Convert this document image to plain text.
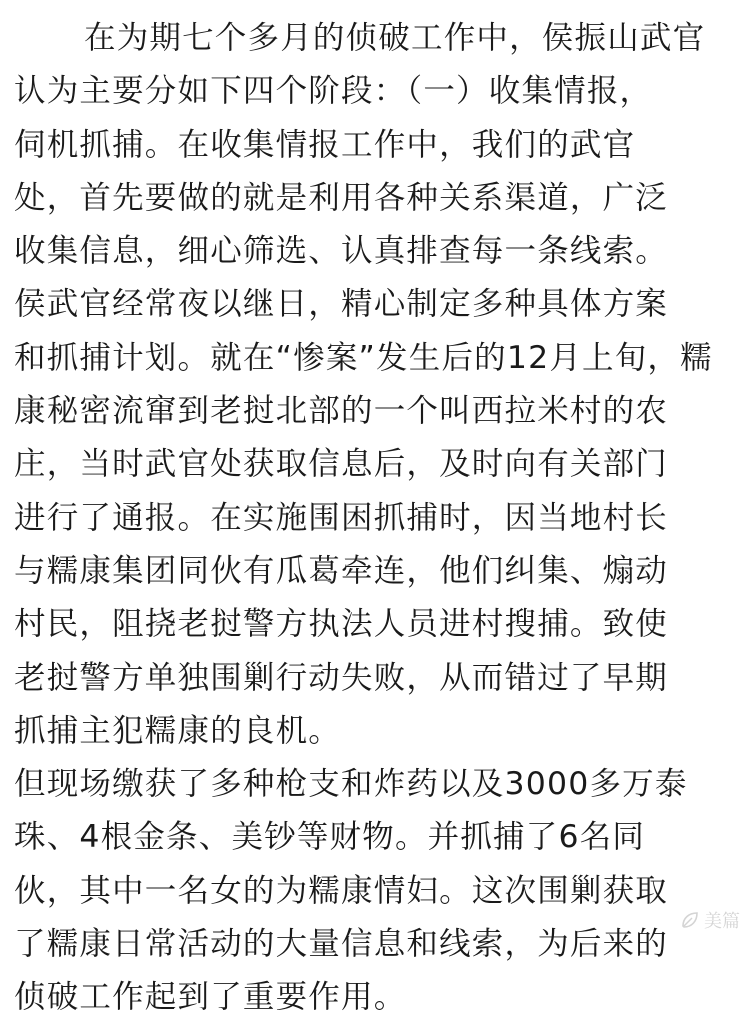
在为期七个多月的侦破工作中，侯振山武官
认为主要分如下四个阶段：（一）收集情报，
伺机抓捕。在收集情报工作中，我们的武官
处，首先要做的就是利用各种关系渠道，广泛
收集信息，细心筛选、认真排查每一条线索。
侯武官经常夜以继日，精心制定多种具体方案
和抓捕计划。就在“惨案”发生后的12月上旬，糯
康秘密流窜到老挝北部的一个叫西拉米村的农
庄，当时武官处获取信息后，及时向有关部门
进行了通报。在实施围困抓捕时，因当地村长
与糯康集团同伙有瓜葛牵连，他们纠集、煽动
村民，阻挠老挝警方执法人员进村搜捕。致使
老挝警方单独围剿行动失败，从而错过了早期
抓捕主犯糯康的良机。
但现场缴获了多种枪支和炸药以及3000多万泰
珠、4根金条、美钞等财物。并抓捕了6名同
伙，其中一名女的为糯康情妇。这次围剿获取
了糯康日常活动的大量信息和线索，为后来的
侦破工作起到了重要作用。
美篇
